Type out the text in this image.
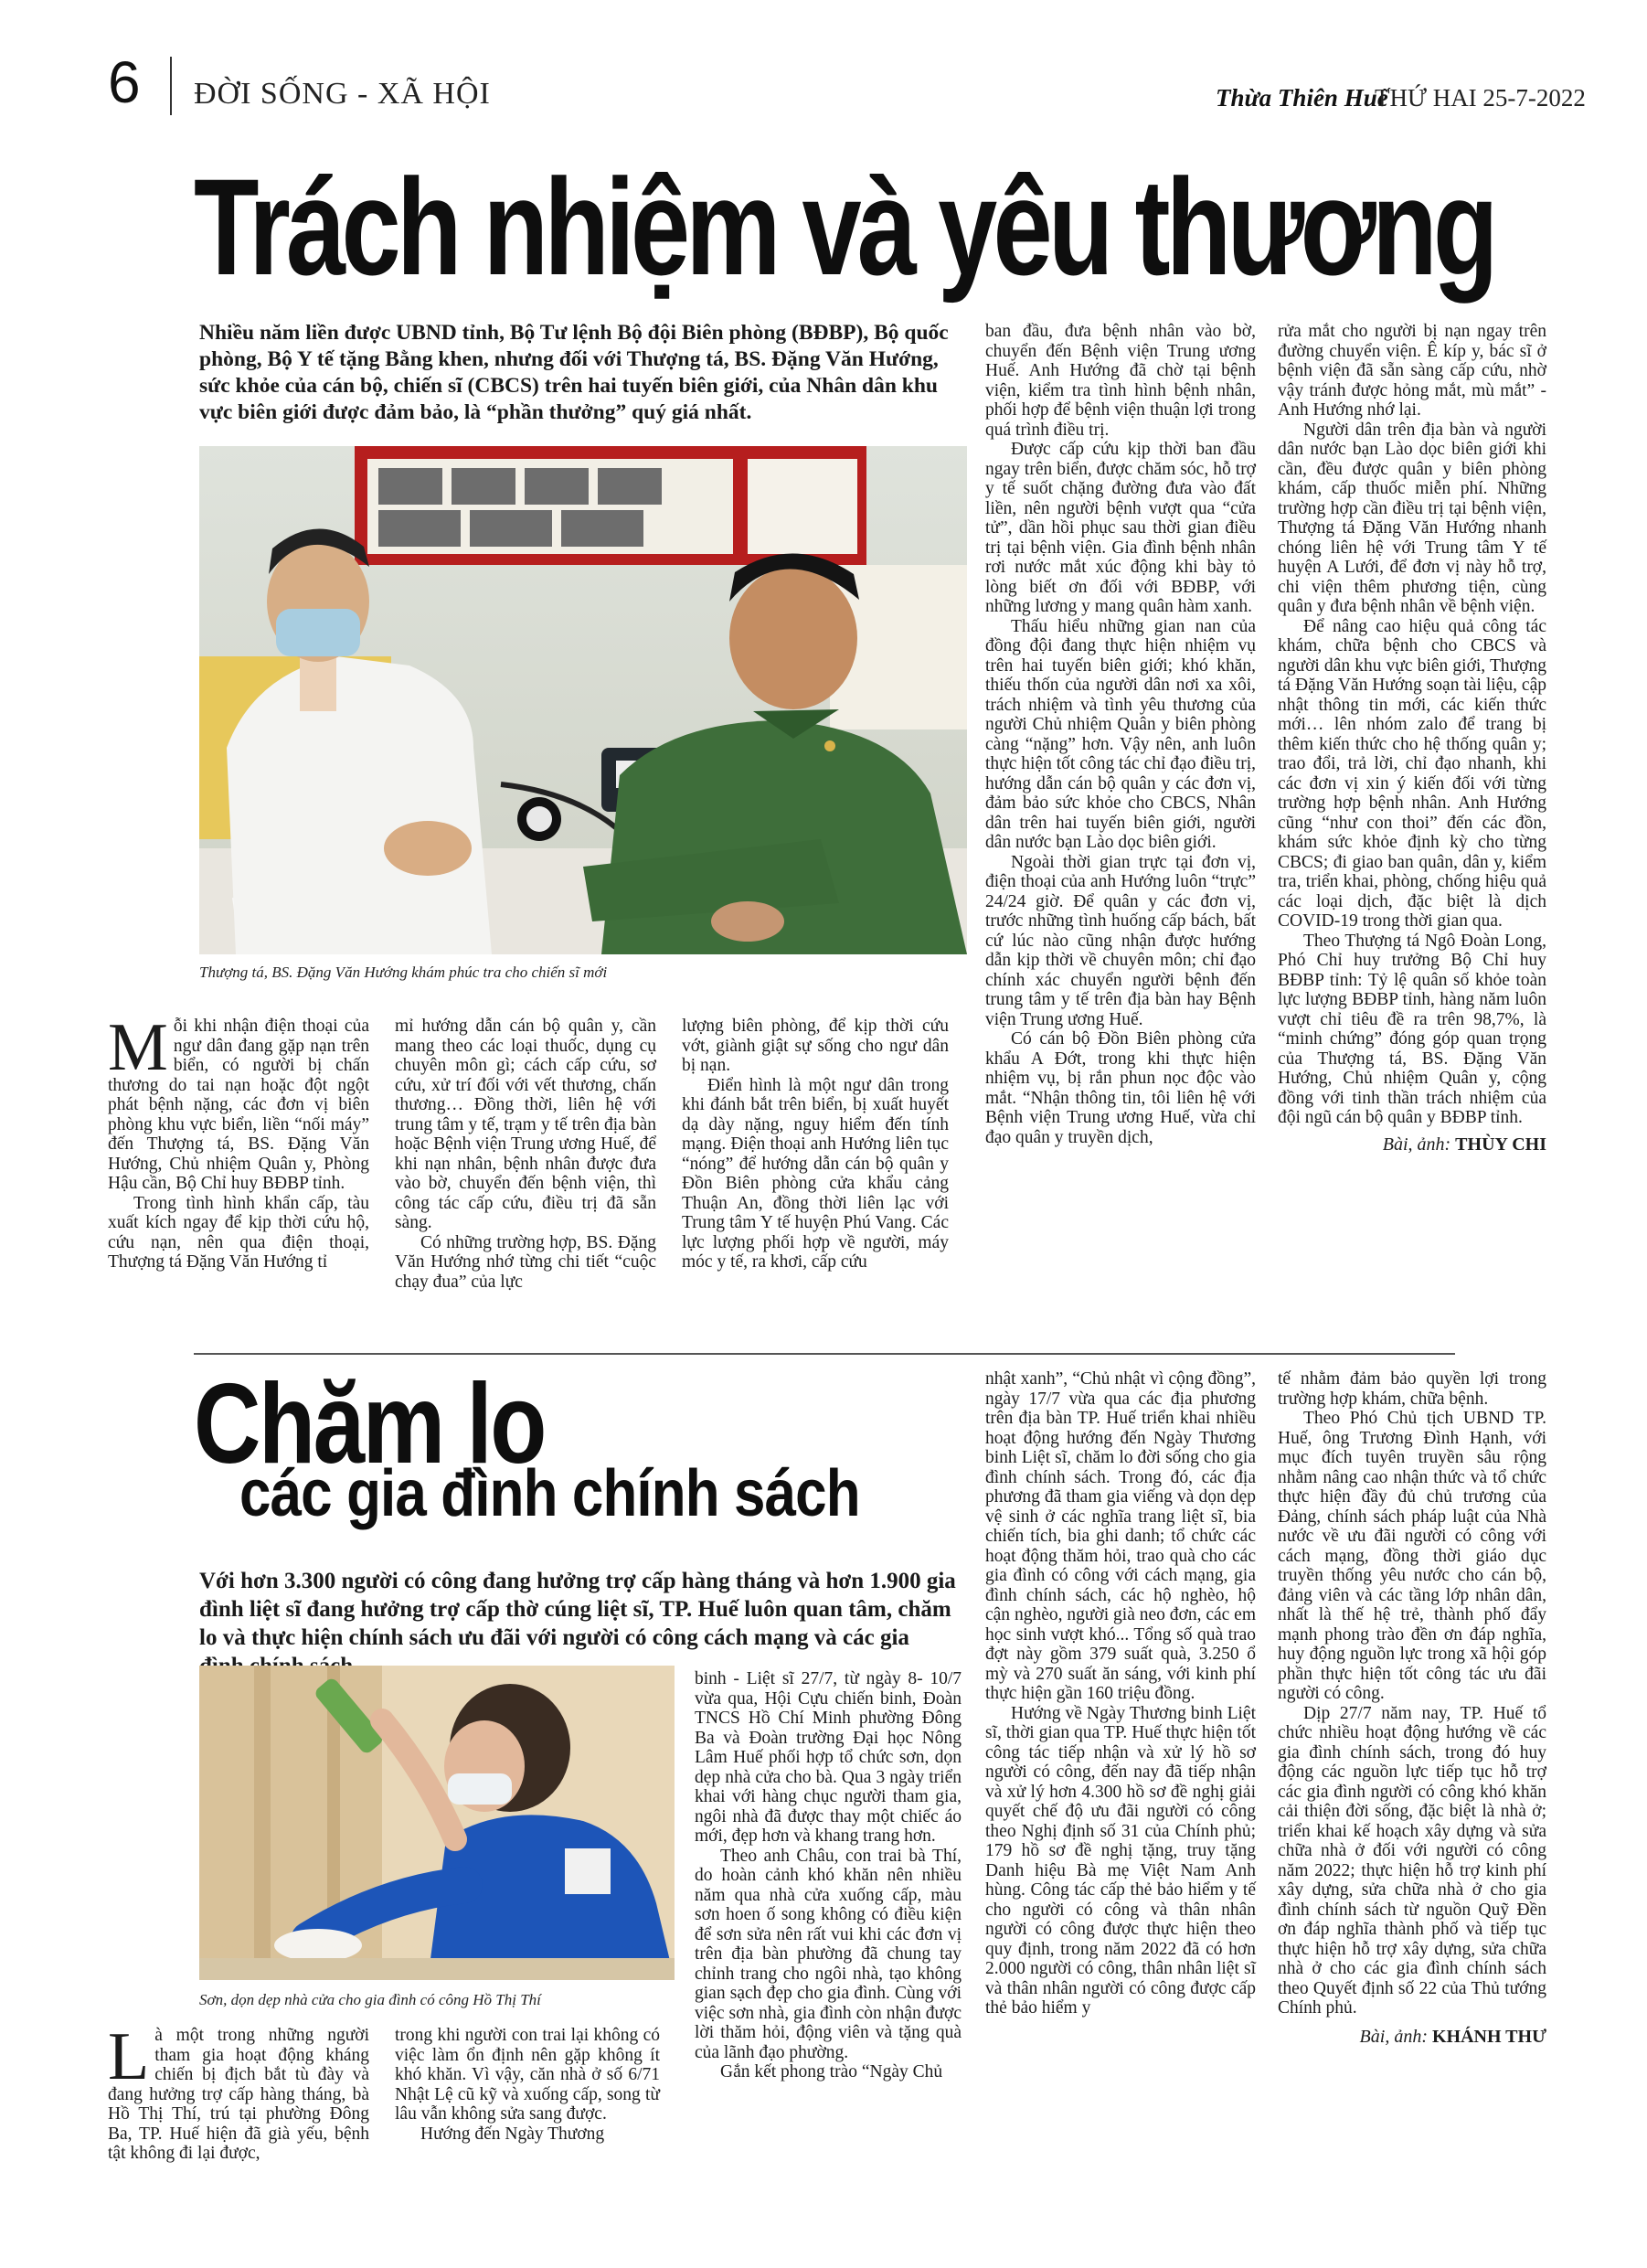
6 ĐỜI SỐNG - XÃ HỘI	Thừa Thiên Huế
THỨ HAI 25-7-2022
Trách nhiệm và yêu thương
Nhiều năm liền được UBND tỉnh, Bộ Tư lệnh Bộ đội Biên phòng (BĐBP), Bộ quốc phòng, Bộ Y tế tặng Bằng khen, nhưng đối với Thượng tá, BS. Đặng Văn Hướng, sức khỏe của cán bộ, chiến sĩ (CBCS) trên hai tuyến biên giới, của Nhân dân khu vực biên giới được đảm bảo, là “phần thưởng” quý giá nhất.
Thượng tá, BS. Đặng Văn Hướng khám phúc tra cho chiến sĩ mới
M ỗi khi nhận điện thoại của ngư dân đang gặp nạn trên biển, có người bị chấn thương do tai nạn hoặc đột ngột phát bệnh nặng, các đơn vị biên phòng khu vực biển, liền “nối máy” đến Thượng tá, BS. Đặng Văn Hướng, Chủ nhiệm Quân y, Phòng Hậu cần, Bộ Chỉ huy BĐBP tỉnh.

Trong tình hình khẩn cấp, tàu xuất kích ngay để kịp thời cứu hộ, cứu nạn, nên qua điện thoại, Thượng tá Đặng Văn Hướng tỉ

mỉ hướng dẫn cán bộ quân y, cần mang theo các loại thuốc, dụng cụ chuyên môn gì; cách cấp cứu, sơ cứu, xử trí đối với vết thương, chấn thương… Đồng thời, liên hệ với trung tâm y tế, trạm y tế trên địa bàn hoặc Bệnh viện Trung ương Huế, để khi nạn nhân, bệnh nhân được đưa vào bờ, chuyển đến bệnh viện, thì công tác cấp cứu, điều trị đã sẵn sàng.

Có những trường hợp, BS. Đặng Văn Hướng nhớ từng chi tiết “cuộc chạy đua” của lực

lượng biên phòng, để kịp thời cứu vớt, giành giật sự sống cho ngư dân bị nạn.

Điển hình là một ngư dân trong khi đánh bắt trên biển, bị xuất huyết dạ dày nặng, nguy hiểm đến tính mạng. Điện thoại anh Hướng liên tục “nóng” để hướng dẫn cán bộ quân y Đồn Biên phòng cửa khẩu cảng Thuận An, đồng thời liên lạc với Trung tâm Y tế huyện Phú Vang. Các lực lượng phối hợp về người, máy móc y tế, ra khơi, cấp cứu

ban đầu, đưa bệnh nhân vào bờ, chuyển đến Bệnh viện Trung ương Huế. Anh Hướng đã chờ tại bệnh viện, kiểm tra tình hình bệnh nhân, phối hợp để bệnh viện thuận lợi trong quá trình điều trị.

Được cấp cứu kịp thời ban đầu ngay trên biển, được chăm sóc, hỗ trợ y tế suốt chặng đường đưa vào đất liền, nên người bệnh vượt qua “cửa tử”, dần hồi phục sau thời gian điều trị tại bệnh viện. Gia đình bệnh nhân rơi nước mắt xúc động khi bày tỏ lòng biết ơn đối với BĐBP, với những lương y mang quân hàm xanh.

Thấu hiểu những gian nan của đồng đội đang thực hiện nhiệm vụ trên hai tuyến biên giới; khó khăn, thiếu thốn của người dân nơi xa xôi, trách nhiệm và tình yêu thương của người Chủ nhiệm Quân y biên phòng càng “nặng” hơn. Vậy nên, anh luôn thực hiện tốt công tác chỉ đạo điều trị, hướng dẫn cán bộ quân y các đơn vị, đảm bảo sức khỏe cho CBCS, Nhân dân trên hai tuyến biên giới, người dân nước bạn Lào dọc biên giới.

Ngoài thời gian trực tại đơn vị, điện thoại của anh Hướng luôn “trực” 24/24 giờ. Để quân y các đơn vị, trước những tình huống cấp bách, bất cứ lúc nào cũng nhận được hướng dẫn kịp thời về chuyên môn; chỉ đạo chính xác chuyển người bệnh đến trung tâm y tế trên địa bàn hay Bệnh viện Trung ương Huế.

Có cán bộ Đồn Biên phòng cửa khẩu A Đớt, trong khi thực hiện nhiệm vụ, bị rắn phun nọc độc vào mắt. “Nhận thông tin, tôi liên hệ với Bệnh viện Trung ương Huế, vừa chỉ đạo quân y truyền dịch,

rửa mắt cho người bị nạn ngay trên đường chuyển viện. Ê kíp y, bác sĩ ở bệnh viện đã sẵn sàng cấp cứu, nhờ vậy tránh được hỏng mắt, mù mắt” - Anh Hướng nhớ lại.

Người dân trên địa bàn và người dân nước bạn Lào dọc biên giới khi cần, đều được quân y biên phòng khám, cấp thuốc miễn phí. Những trường hợp cần điều trị tại bệnh viện, Thượng tá Đặng Văn Hướng nhanh chóng liên hệ với Trung tâm Y tế huyện A Lưới, để đơn vị này hỗ trợ, chi viện thêm phương tiện, cùng quân y đưa bệnh nhân về bệnh viện.

Để nâng cao hiệu quả công tác khám, chữa bệnh cho CBCS và người dân khu vực biên giới, Thượng tá Đặng Văn Hướng soạn tài liệu, cập nhật thông tin mới, các kiến thức mới… lên nhóm zalo để trang bị thêm kiến thức cho hệ thống quân y; trao đổi, trả lời, chỉ đạo nhanh, khi các đơn vị xin ý kiến đối với từng trường hợp bệnh nhân. Anh Hướng cũng “như con thoi” đến các đồn, khám sức khỏe định kỳ cho từng CBCS; đi giao ban quân, dân y, kiểm tra, triển khai, phòng, chống hiệu quả các loại dịch, đặc biệt là dịch COVID-19 trong thời gian qua.

Theo Thượng tá Ngô Đoàn Long, Phó Chỉ huy trưởng Bộ Chỉ huy BĐBP tỉnh: Tỷ lệ quân số khỏe toàn lực lượng BĐBP tỉnh, hàng năm luôn vượt chỉ tiêu đề ra trên 98,7%, là “minh chứng” đóng góp quan trọng của Thượng tá, BS. Đặng Văn Hướng, Chủ nhiệm Quân y, cộng đồng với tinh thần trách nhiệm của đội ngũ cán bộ quân y BĐBP tỉnh.

Bài, ảnh: THÙY CHI
Chăm lo
các gia đình chính sách
Với hơn 3.300 người có công đang hưởng trợ cấp hàng tháng và hơn 1.900 gia đình liệt sĩ đang hưởng trợ cấp thờ cúng liệt sĩ, TP. Huế luôn quan tâm, chăm lo và thực hiện chính sách ưu đãi với người có công cách mạng và các gia
Sơn, dọn dẹp nhà cửa cho gia đình có công Hồ Thị Thí
L à một trong những người tham gia hoạt động kháng chiến bị địch bắt tù đày và đang hưởng trợ cấp hàng tháng, bà Hồ Thị Thí, trú tại phường Đông Ba, TP. Huế hiện đã già yếu, bệnh tật không đi lại được,

trong khi người con trai lại không có việc làm ổn định nên gặp không ít khó khăn. Vì vậy, căn nhà ở số 6/71 Nhật Lệ cũ kỹ và xuống cấp, song từ lâu vẫn không sửa sang được.

Hướng đến Ngày Thương

binh - Liệt sĩ 27/7, từ ngày 8- 10/7 vừa qua, Hội Cựu chiến binh, Đoàn TNCS Hồ Chí Minh phường Đông Ba và Đoàn trường Đại học Nông Lâm Huế phối hợp tổ chức sơn, dọn dẹp nhà cửa cho bà. Qua 3 ngày triển khai với hàng chục người tham gia, ngôi nhà đã được thay một chiếc áo mới, đẹp hơn và khang trang hơn.

Theo anh Châu, con trai bà Thí, do hoàn cảnh khó khăn nên nhiều năm qua nhà cửa xuống cấp, màu sơn hoen ố song không có điều kiện để sơn sửa nên rất vui khi các đơn vị trên địa bàn phường đã chung tay chỉnh trang cho ngôi nhà, tạo không gian sạch đẹp cho gia đình. Cùng với việc sơn nhà, gia đình còn nhận được lời thăm hỏi, động viên và tặng quà của lãnh đạo phường.

Gắn kết phong trào “Ngày Chủ

nhật xanh”, “Chủ nhật vì cộng đồng”, ngày 17/7 vừa qua các địa phương trên địa bàn TP. Huế triển khai nhiều hoạt động hướng đến Ngày Thương binh Liệt sĩ, chăm lo đời sống cho gia đình chính sách. Trong đó, các địa phương đã tham gia viếng và dọn dẹp vệ sinh ở các nghĩa trang liệt sĩ, bia chiến tích, bia ghi danh; tổ chức các hoạt động thăm hỏi, trao quà cho các gia đình có công với cách mạng, gia đình chính sách, các hộ nghèo, hộ cận nghèo, người già neo đơn, các em học sinh vượt khó... Tổng số quà trao đợt này gồm 379 suất quà, 3.250 ổ mỳ và 270 suất ăn sáng, với kinh phí thực hiện gần 160 triệu đồng.

Hướng về Ngày Thương binh Liệt sĩ, thời gian qua TP. Huế thực hiện tốt công tác tiếp nhận và xử lý hồ sơ người có công, đến nay đã tiếp nhận và xử lý hơn 4.300 hồ sơ đề nghị giải quyết chế độ ưu đãi người có công theo Nghị định số 31 của Chính phủ; 179 hồ sơ đề nghị tặng, truy tặng Danh hiệu Bà mẹ Việt Nam Anh hùng. Công tác cấp thẻ bảo hiểm y tế cho người có công và thân nhân người có công được thực hiện theo quy định, trong năm 2022 đã có hơn 2.000 người có công, thân nhân liệt sĩ và thân nhân người có công được cấp thẻ bảo hiểm y

tế nhằm đảm bảo quyền lợi trong trường hợp khám, chữa bệnh.

Theo Phó Chủ tịch UBND TP. Huế, ông Trương Đình Hạnh, với mục đích tuyên truyền sâu rộng nhằm nâng cao nhận thức và tổ chức thực hiện đầy đủ chủ trương của Đảng, chính sách pháp luật của Nhà nước về ưu đãi người có công với cách mạng, đồng thời giáo dục truyền thống yêu nước cho cán bộ, đảng viên và các tầng lớp nhân dân, nhất là thế hệ trẻ, thành phố đẩy mạnh phong trào đền ơn đáp nghĩa, huy động nguồn lực trong xã hội góp phần thực hiện tốt công tác ưu đãi người có công.

Dịp 27/7 năm nay, TP. Huế tổ chức nhiều hoạt động hướng về các gia đình chính sách, trong đó huy động các nguồn lực tiếp tục hỗ trợ các gia đình người có công khó khăn cải thiện đời sống, đặc biệt là nhà ở; triển khai kế hoạch xây dựng và sửa chữa nhà ở đối với người có công năm 2022; thực hiện hỗ trợ kinh phí xây dựng, sửa chữa nhà ở cho gia đình chính sách từ nguồn Quỹ Đền ơn đáp nghĩa thành phố và tiếp tục thực hiện hỗ trợ xây dựng, sửa chữa nhà ở cho các gia đình chính sách theo Quyết định số 22 của Thủ tướng Chính phủ.

Bài, ảnh: KHÁNH THƯ
